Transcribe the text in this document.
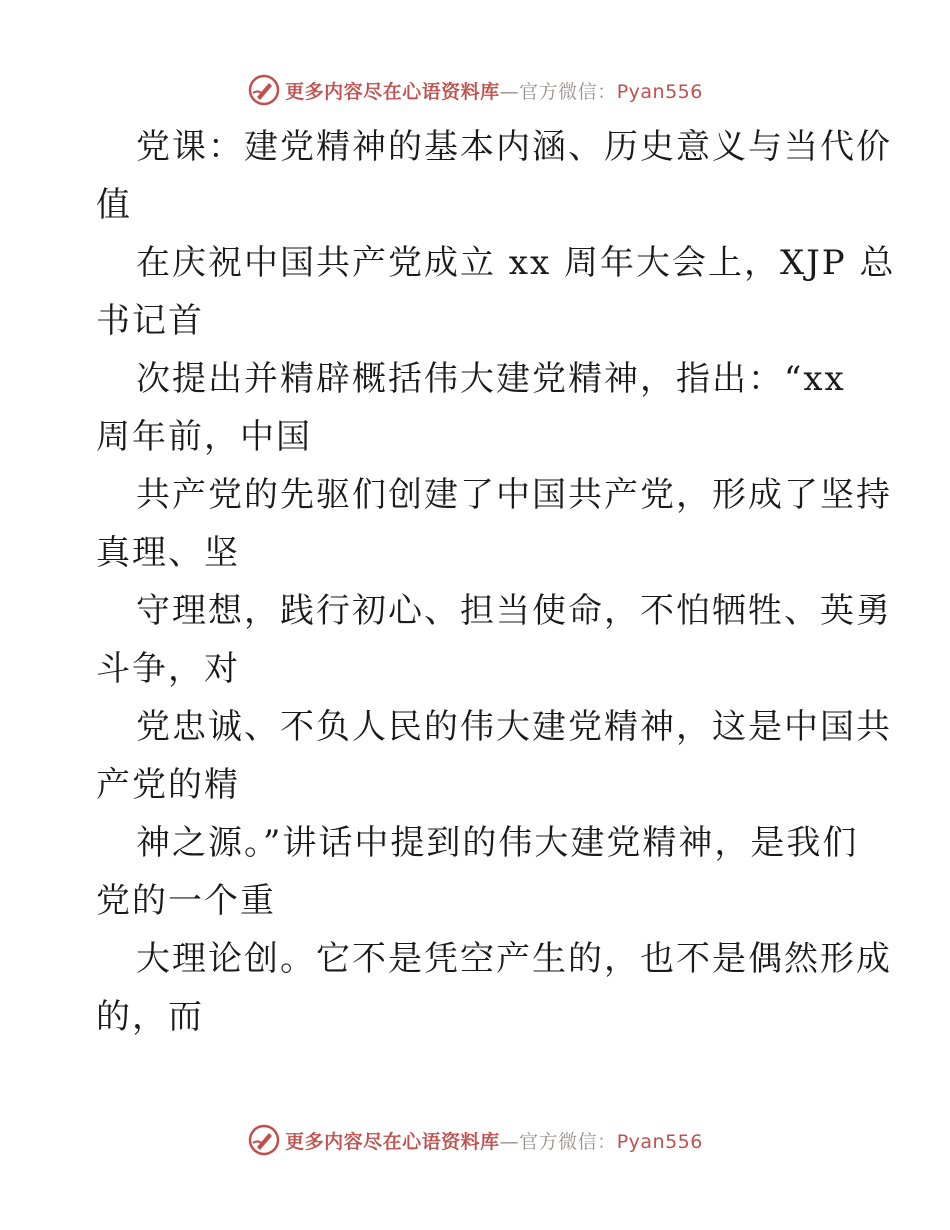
更多内容尽在心语资料库—官方微信：Pyan556
党课：建党精神的基本内涵、历史意义与当代价
值
在庆祝中国共产党成立 xx 周年大会上，XJP 总
书记首
次提出并精辟概括伟大建党精神，指出：“xx
周年前，中国
共产党的先驱们创建了中国共产党，形成了坚持
真理、坚
守理想，践行初心、担当使命，不怕牺牲、英勇
斗争，对
党忠诚、不负人民的伟大建党精神，这是中国共
产党的精
神之源。”讲话中提到的伟大建党精神，是我们
党的一个重
大理论创。它不是凭空产生的，也不是偶然形成
的，而
更多内容尽在心语资料库—官方微信：Pyan556
